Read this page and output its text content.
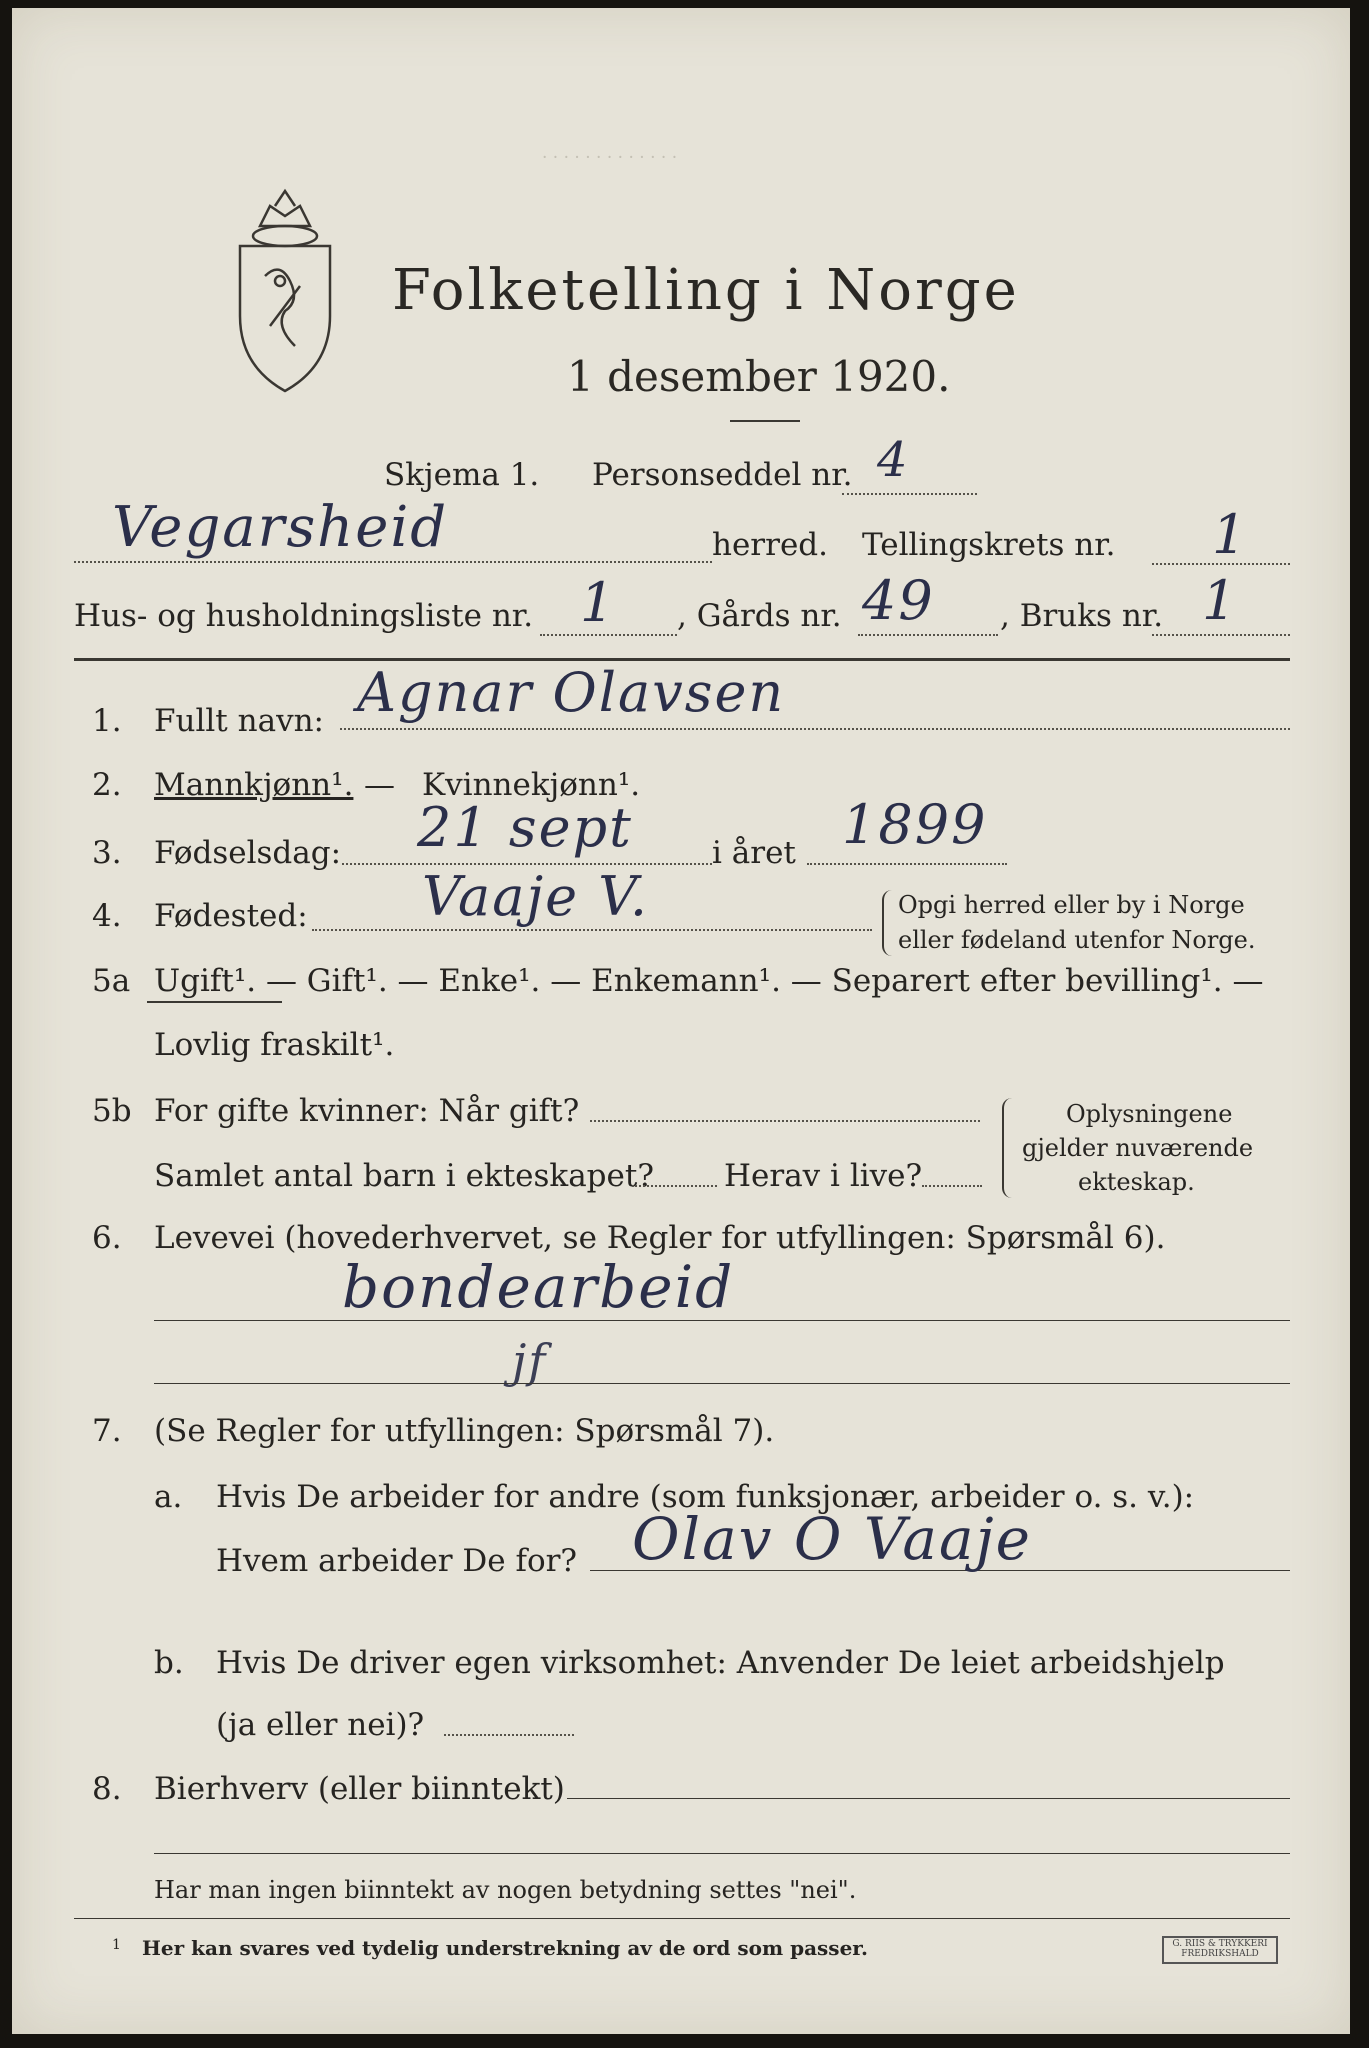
· · · · · · · · · · · · ·
Folketelling i Norge
1 desember 1920.
Skjema 1. Personseddel nr. 4
Vegarsheid	herred. Tellingskrets nr. 1
Hus- og husholdningsliste nr. 1 , Gårds nr. 49 , Bruks nr. 1
1. Fullt navn: Agnar Olavsen
2. Mannkjønn¹. — Kvinnekjønn¹.
3. Fødselsdag: 21 sept	i året 1899
4. Fødested: Vaaje V.	Opgi herred eller by i Norge
eller fødeland utenfor Norge.
5a Ugift¹. — Gift¹. — Enke¹. — Enkemann¹. — Separert efter bevilling¹. —
Lovlig fraskilt¹.
5b For gifte kvinner: Når gift?
Samlet antal barn i ekteskapet? Herav i live?
Oplysningene
gjelder nuværende
ekteskap.
6. Levevei (hovederhvervet, se Regler for utfyllingen: Spørsmål 6).
bondearbeid
jf
7. (Se Regler for utfyllingen: Spørsmål 7).
a. Hvis De arbeider for andre (som funksjonær, arbeider o. s. v.):
Hvem arbeider De for? Olav O Vaaje
b. Hvis De driver egen virksomhet: Anvender De leiet arbeidshjelp
(ja eller nei)?
8. Bierhverv (eller biinntekt)
Har man ingen biinntekt av nogen betydning settes "nei".
1 Her kan svares ved tydelig understrekning av de ord som passer.	G. RIIS & TRYKKERI FREDRIKSHALD
